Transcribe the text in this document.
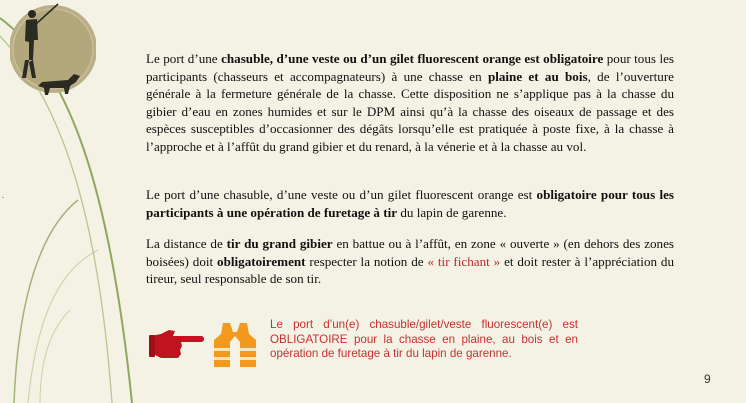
Le port d’une chasuble, d’une veste ou d’un gilet fluorescent orange est obligatoire pour tous les participants (chasseurs et accompagnateurs) à une chasse en plaine et au bois, de l’ouverture générale à la fermeture générale de la chasse. Cette disposition ne s’applique pas à la chasse du gibier d’eau en zones humides et sur le DPM ainsi qu’à la chasse des oiseaux de passage et des espèces susceptibles d’occasionner des dégâts lorsqu’elle est pratiquée à poste fixe, à la chasse à l’approche et à l’affût du grand gibier et du renard, à la vénerie et à la chasse au vol.
Le port d’une chasuble, d’une veste ou d’un gilet fluorescent orange est obligatoire pour tous les participants à une opération de furetage à tir du lapin de garenne.
La distance de tir du grand gibier en battue ou à l’affût, en zone « ouverte » (en dehors des zones boisées) doit obligatoirement respecter la notion de « tir fichant » et doit rester à l’appréciation du tireur, seul responsable de son tir.
Le port d’un(e) chasuble/gilet/veste fluorescent(e) est OBLIGATOIRE pour la chasse en plaine, au bois et en opération de furetage à tir du lapin de garenne.
9
.
